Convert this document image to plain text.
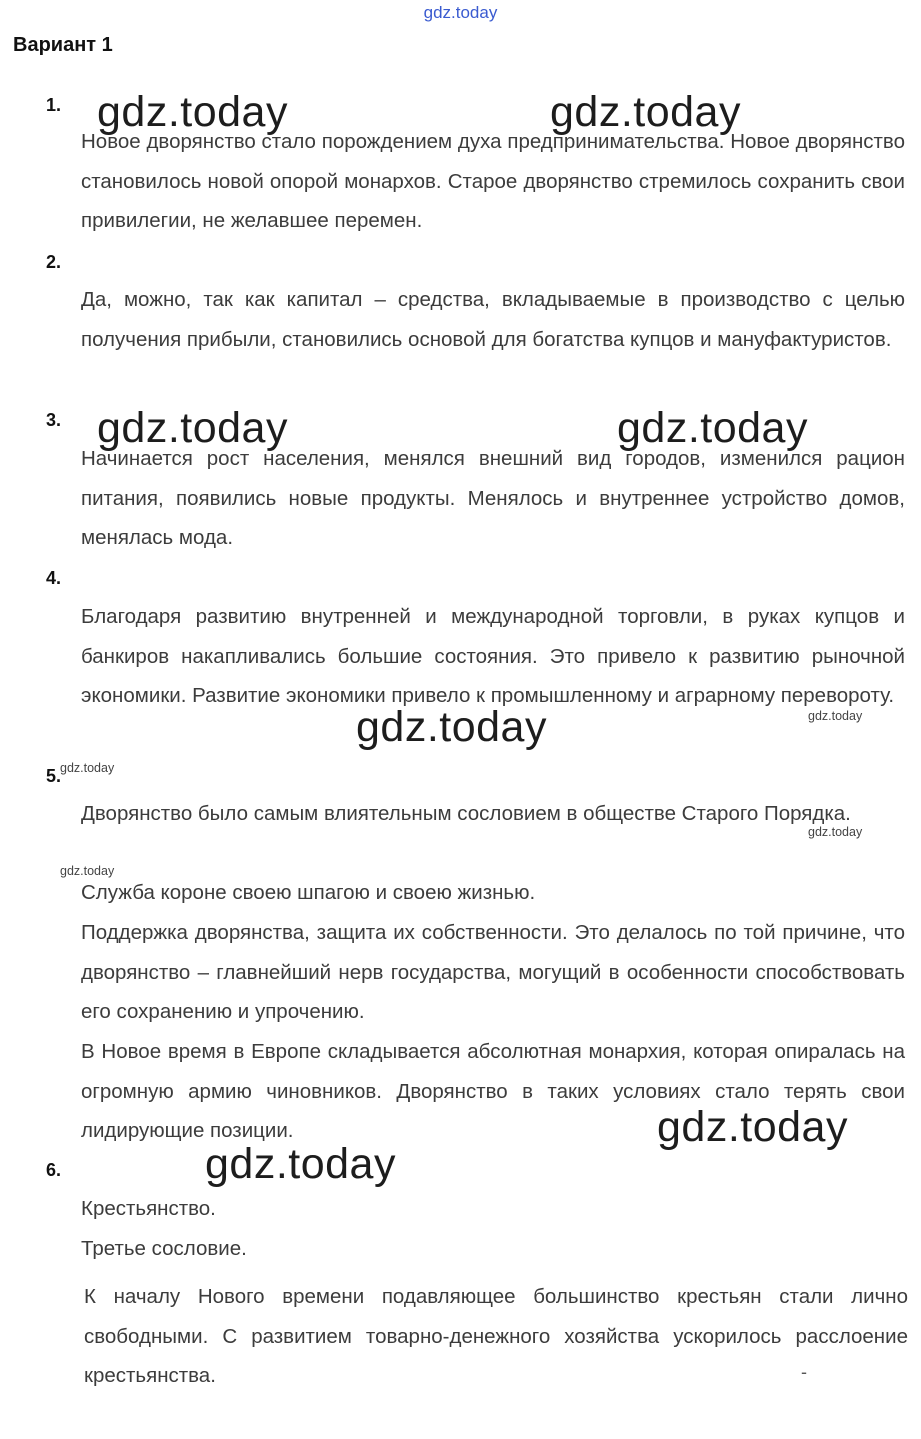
gdz.today
Вариант 1
1.
Новое дворянство стало порождением духа предпринимательства. Новое дворянство становилось новой опорой монархов. Старое дворянство стремилось сохранить свои привилегии, не желавшее перемен.
2.
Да, можно, так как капитал – средства, вкладываемые в производство с целью получения прибыли, становились основой для богатства купцов и мануфактуристов.
3.
Начинается рост населения, менялся внешний вид городов, изменился рацион питания, появились новые продукты. Менялось и внутреннее устройство домов, менялась мода.
4.
Благодаря развитию внутренней и международной торговли, в руках купцов и банкиров накапливались большие состояния. Это привело к развитию рыночной экономики. Развитие экономики привело к промышленному и аграрному перевороту.
5.
Дворянство было самым влиятельным сословием в обществе Старого Порядка.
Служба короне своею шпагою и своею жизнью.
Поддержка дворянства, защита их собственности. Это делалось по той причине, что дворянство – главнейший нерв государства, могущий в особенности способствовать его сохранению и упрочению.
В Новое время в Европе складывается абсолютная монархия, которая опиралась на огромную армию чиновников. Дворянство в таких условиях стало терять свои лидирующие позиции.
6.
Крестьянство.
Третье сословие.
К началу Нового времени подавляющее большинство крестьян стали лично свободными. С развитием товарно-денежного хозяйства ускорилось расслоение крестьянства.	-
gdz.today	gdz.today
gdz.today	gdz.today
gdz.today
gdz.today
gdz.today
gdz.today
gdz.today
gdz.today
gdz.today
